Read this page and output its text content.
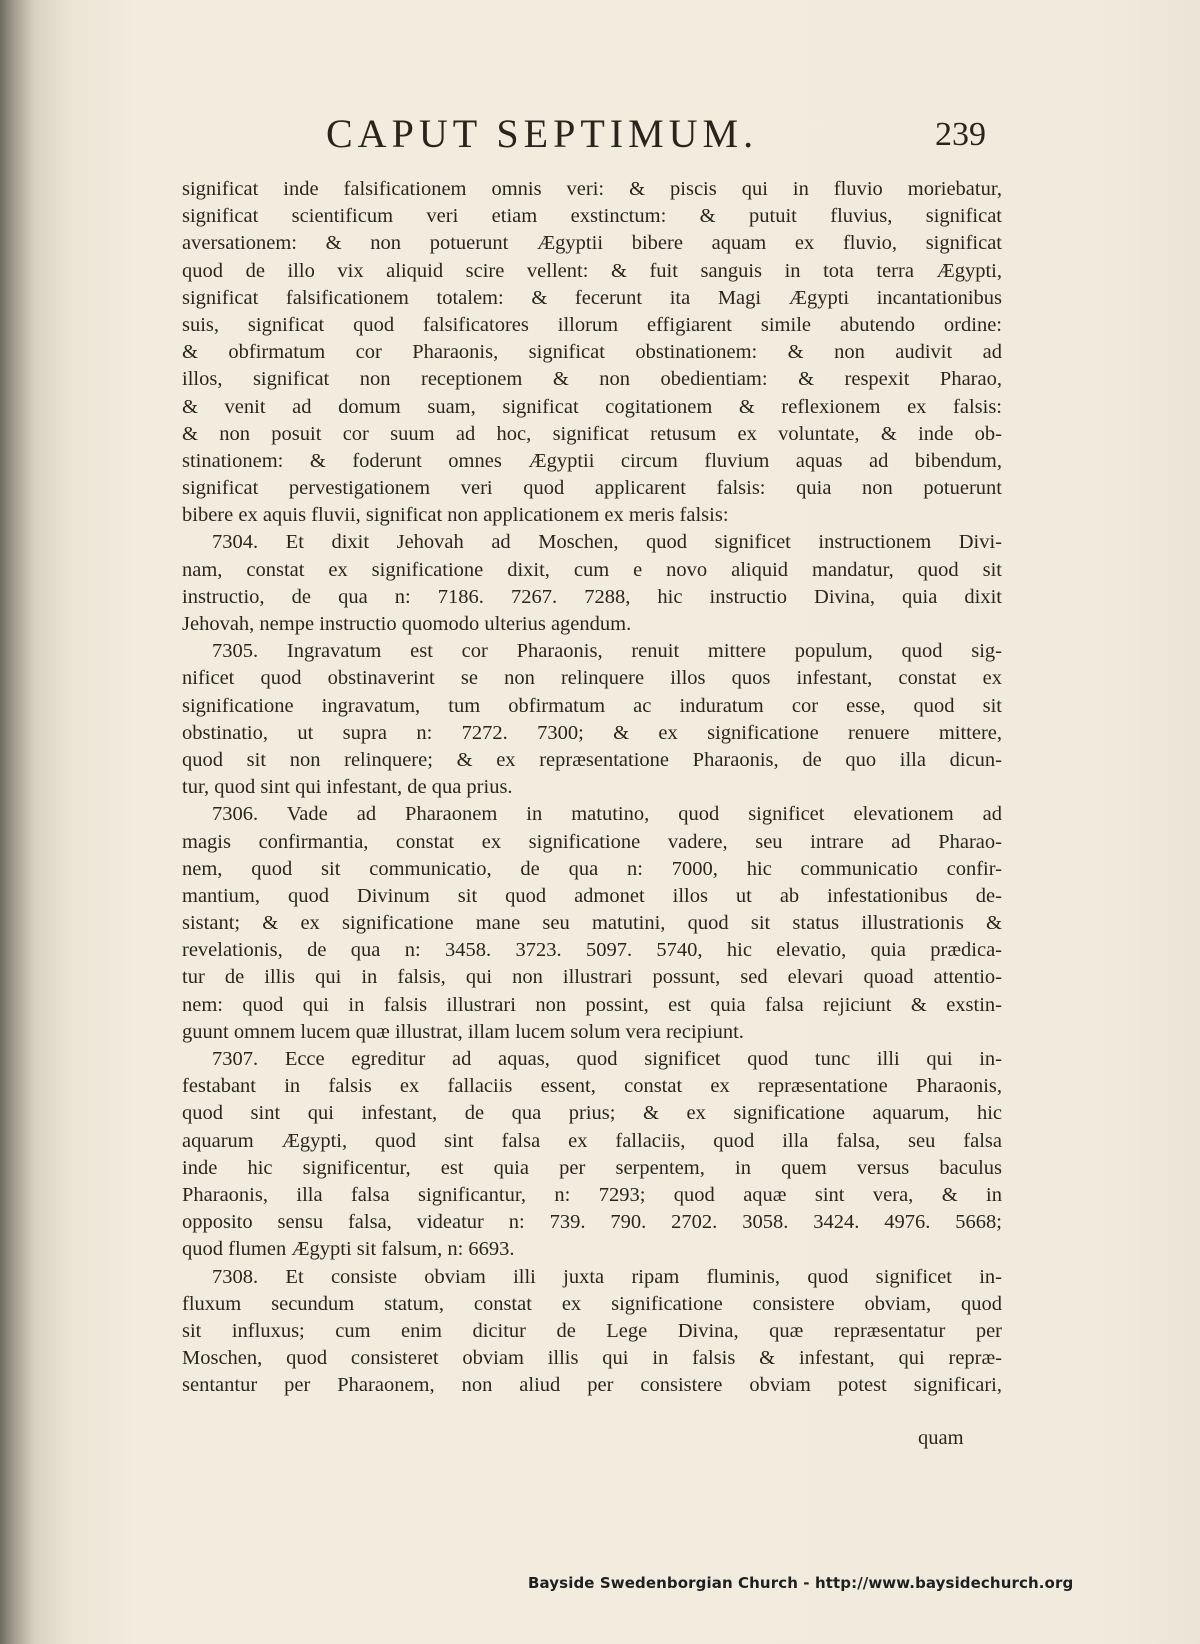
CAPUT SEPTIMUM.	239
significat inde falsificationem omnis veri: & piscis qui in fluvio moriebatur,
significat scientificum veri etiam exstinctum: & putuit fluvius, significat
aversationem: & non potuerunt Ægyptii bibere aquam ex fluvio, significat
quod de illo vix aliquid scire vellent: & fuit sanguis in tota terra Ægypti,
significat falsificationem totalem: & fecerunt ita Magi Ægypti incantationibus
suis, significat quod falsificatores illorum effigiarent simile abutendo ordine:
& obfirmatum cor Pharaonis, significat obstinationem: & non audivit ad
illos, significat non receptionem & non obedientiam: & respexit Pharao,
& venit ad domum suam, significat cogitationem & reflexionem ex falsis:
& non posuit cor suum ad hoc, significat retusum ex voluntate, & inde ob-
stinationem: & foderunt omnes Ægyptii circum fluvium aquas ad bibendum,
significat pervestigationem veri quod applicarent falsis: quia non potuerunt
bibere ex aquis fluvii, significat non applicationem ex meris falsis:
7304. Et dixit Jehovah ad Moschen, quod significet instructionem Divi-
nam, constat ex significatione dixit, cum e novo aliquid mandatur, quod sit
instructio, de qua n: 7186. 7267. 7288, hic instructio Divina, quia dixit
Jehovah, nempe instructio quomodo ulterius agendum.
7305. Ingravatum est cor Pharaonis, renuit mittere populum, quod sig-
nificet quod obstinaverint se non relinquere illos quos infestant, constat ex
significatione ingravatum, tum obfirmatum ac induratum cor esse, quod sit
obstinatio, ut supra n: 7272. 7300; & ex significatione renuere mittere,
quod sit non relinquere; & ex repræsentatione Pharaonis, de quo illa dicun-
tur, quod sint qui infestant, de qua prius.
7306. Vade ad Pharaonem in matutino, quod significet elevationem ad
magis confirmantia, constat ex significatione vadere, seu intrare ad Pharao-
nem, quod sit communicatio, de qua n: 7000, hic communicatio confir-
mantium, quod Divinum sit quod admonet illos ut ab infestationibus de-
sistant; & ex significatione mane seu matutini, quod sit status illustrationis &
revelationis, de qua n: 3458. 3723. 5097. 5740, hic elevatio, quia prædica-
tur de illis qui in falsis, qui non illustrari possunt, sed elevari quoad attentio-
nem: quod qui in falsis illustrari non possint, est quia falsa rejiciunt & exstin-
guunt omnem lucem quæ illustrat, illam lucem solum vera recipiunt.
7307. Ecce egreditur ad aquas, quod significet quod tunc illi qui in-
festabant in falsis ex fallaciis essent, constat ex repræsentatione Pharaonis,
quod sint qui infestant, de qua prius; & ex significatione aquarum, hic
aquarum Ægypti, quod sint falsa ex fallaciis, quod illa falsa, seu falsa
inde hic significentur, est quia per serpentem, in quem versus baculus
Pharaonis, illa falsa significantur, n: 7293; quod aquæ sint vera, & in
opposito sensu falsa, videatur n: 739. 790. 2702. 3058. 3424. 4976. 5668;
quod flumen Ægypti sit falsum, n: 6693.
7308. Et consiste obviam illi juxta ripam fluminis, quod significet in-
fluxum secundum statum, constat ex significatione consistere obviam, quod
sit influxus; cum enim dicitur de Lege Divina, quæ repræsentatur per
Moschen, quod consisteret obviam illis qui in falsis & infestant, qui repræ-
sentantur per Pharaonem, non aliud per consistere obviam potest significari,
quam
Bayside Swedenborgian Church - http://www.baysidechurch.org
